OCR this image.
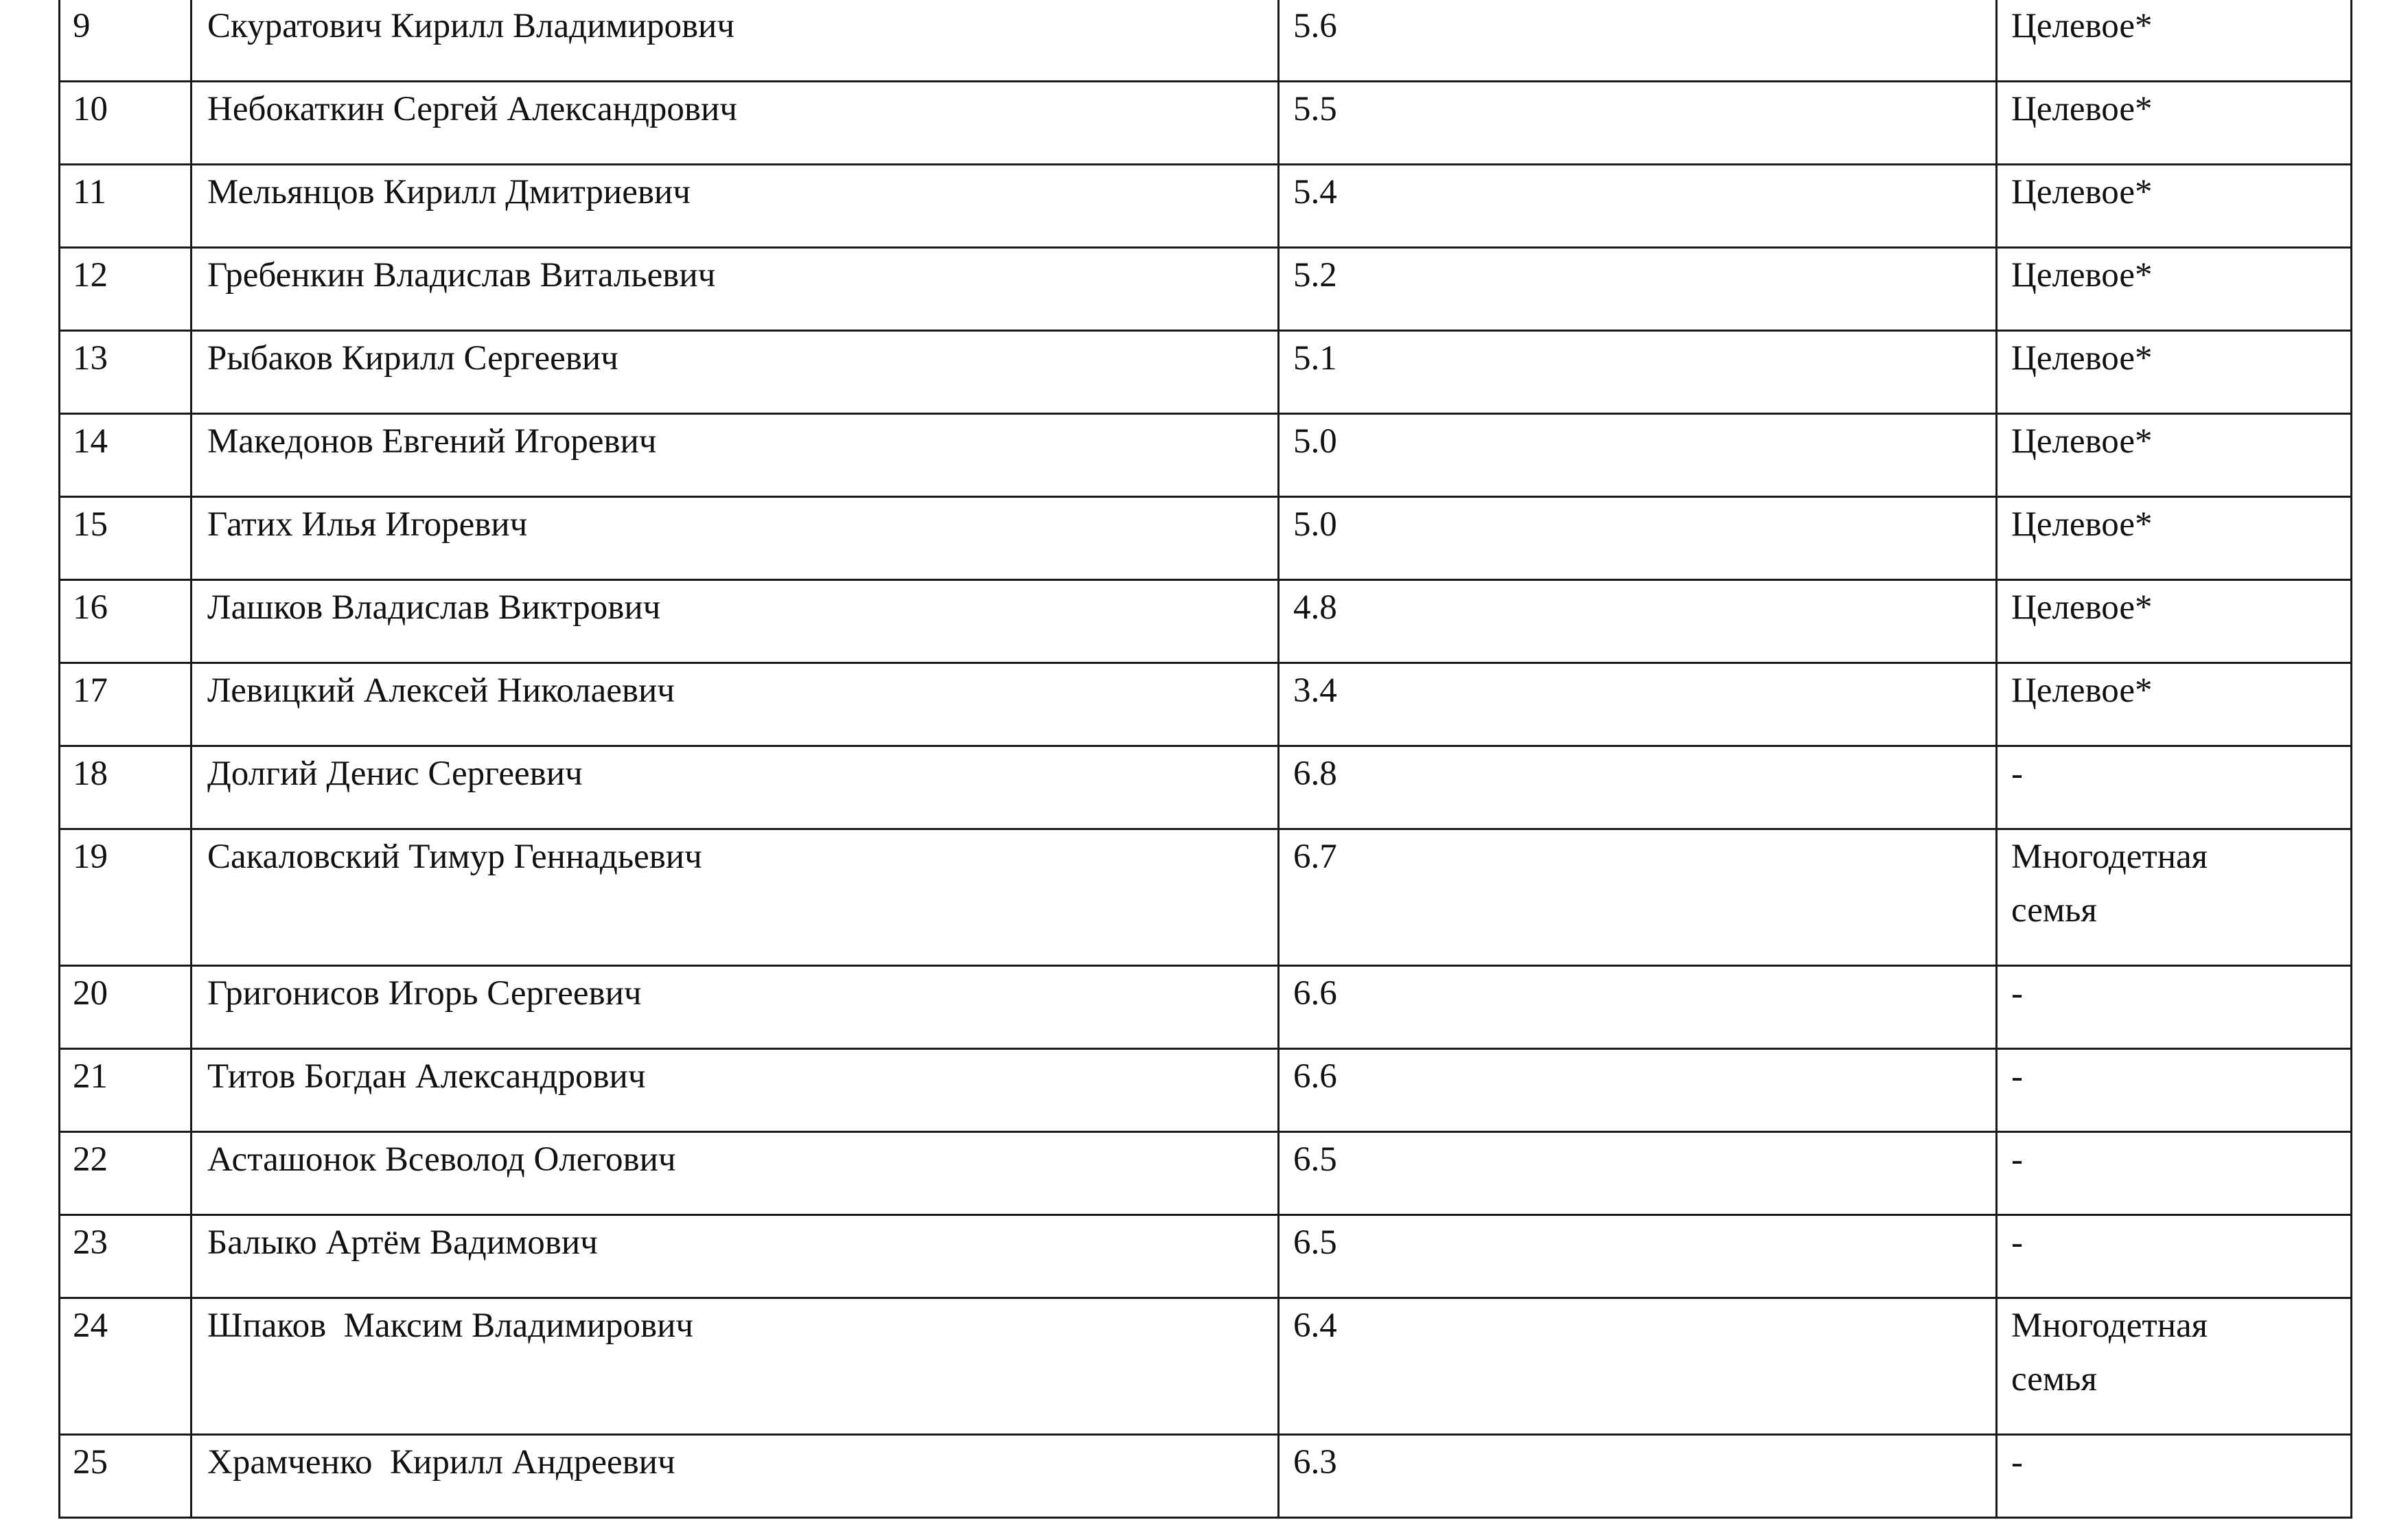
9	Скуратович Кирилл Владимирович	5.6	Целевое*
10	Небокаткин Сергей Александрович	5.5	Целевое*
11	Мельянцов Кирилл Дмитриевич	5.4	Целевое*
12	Гребенкин Владислав Витальевич	5.2	Целевое*
13	Рыбаков Кирилл Сергеевич	5.1	Целевое*
14	Македонов Евгений Игоревич	5.0	Целевое*
15	Гатих Илья Игоревич	5.0	Целевое*
16	Лашков Владислав Виктрович	4.8	Целевое*
17	Левицкий Алексей Николаевич	3.4	Целевое*
18	Долгий Денис Сергеевич	6.8	-
19	Сакаловский Тимур Геннадьевич	6.7	Многодетная
семья
20	Григонисов Игорь Сергеевич	6.6	-
21	Титов Богдан Александрович	6.6	-
22	Асташонок Всеволод Олегович	6.5	-
23	Балыко Артём Вадимович	6.5	-
24	Шпаков  Максим Владимирович	6.4	Многодетная
семья
25	Храмченко  Кирилл Андреевич	6.3	-
